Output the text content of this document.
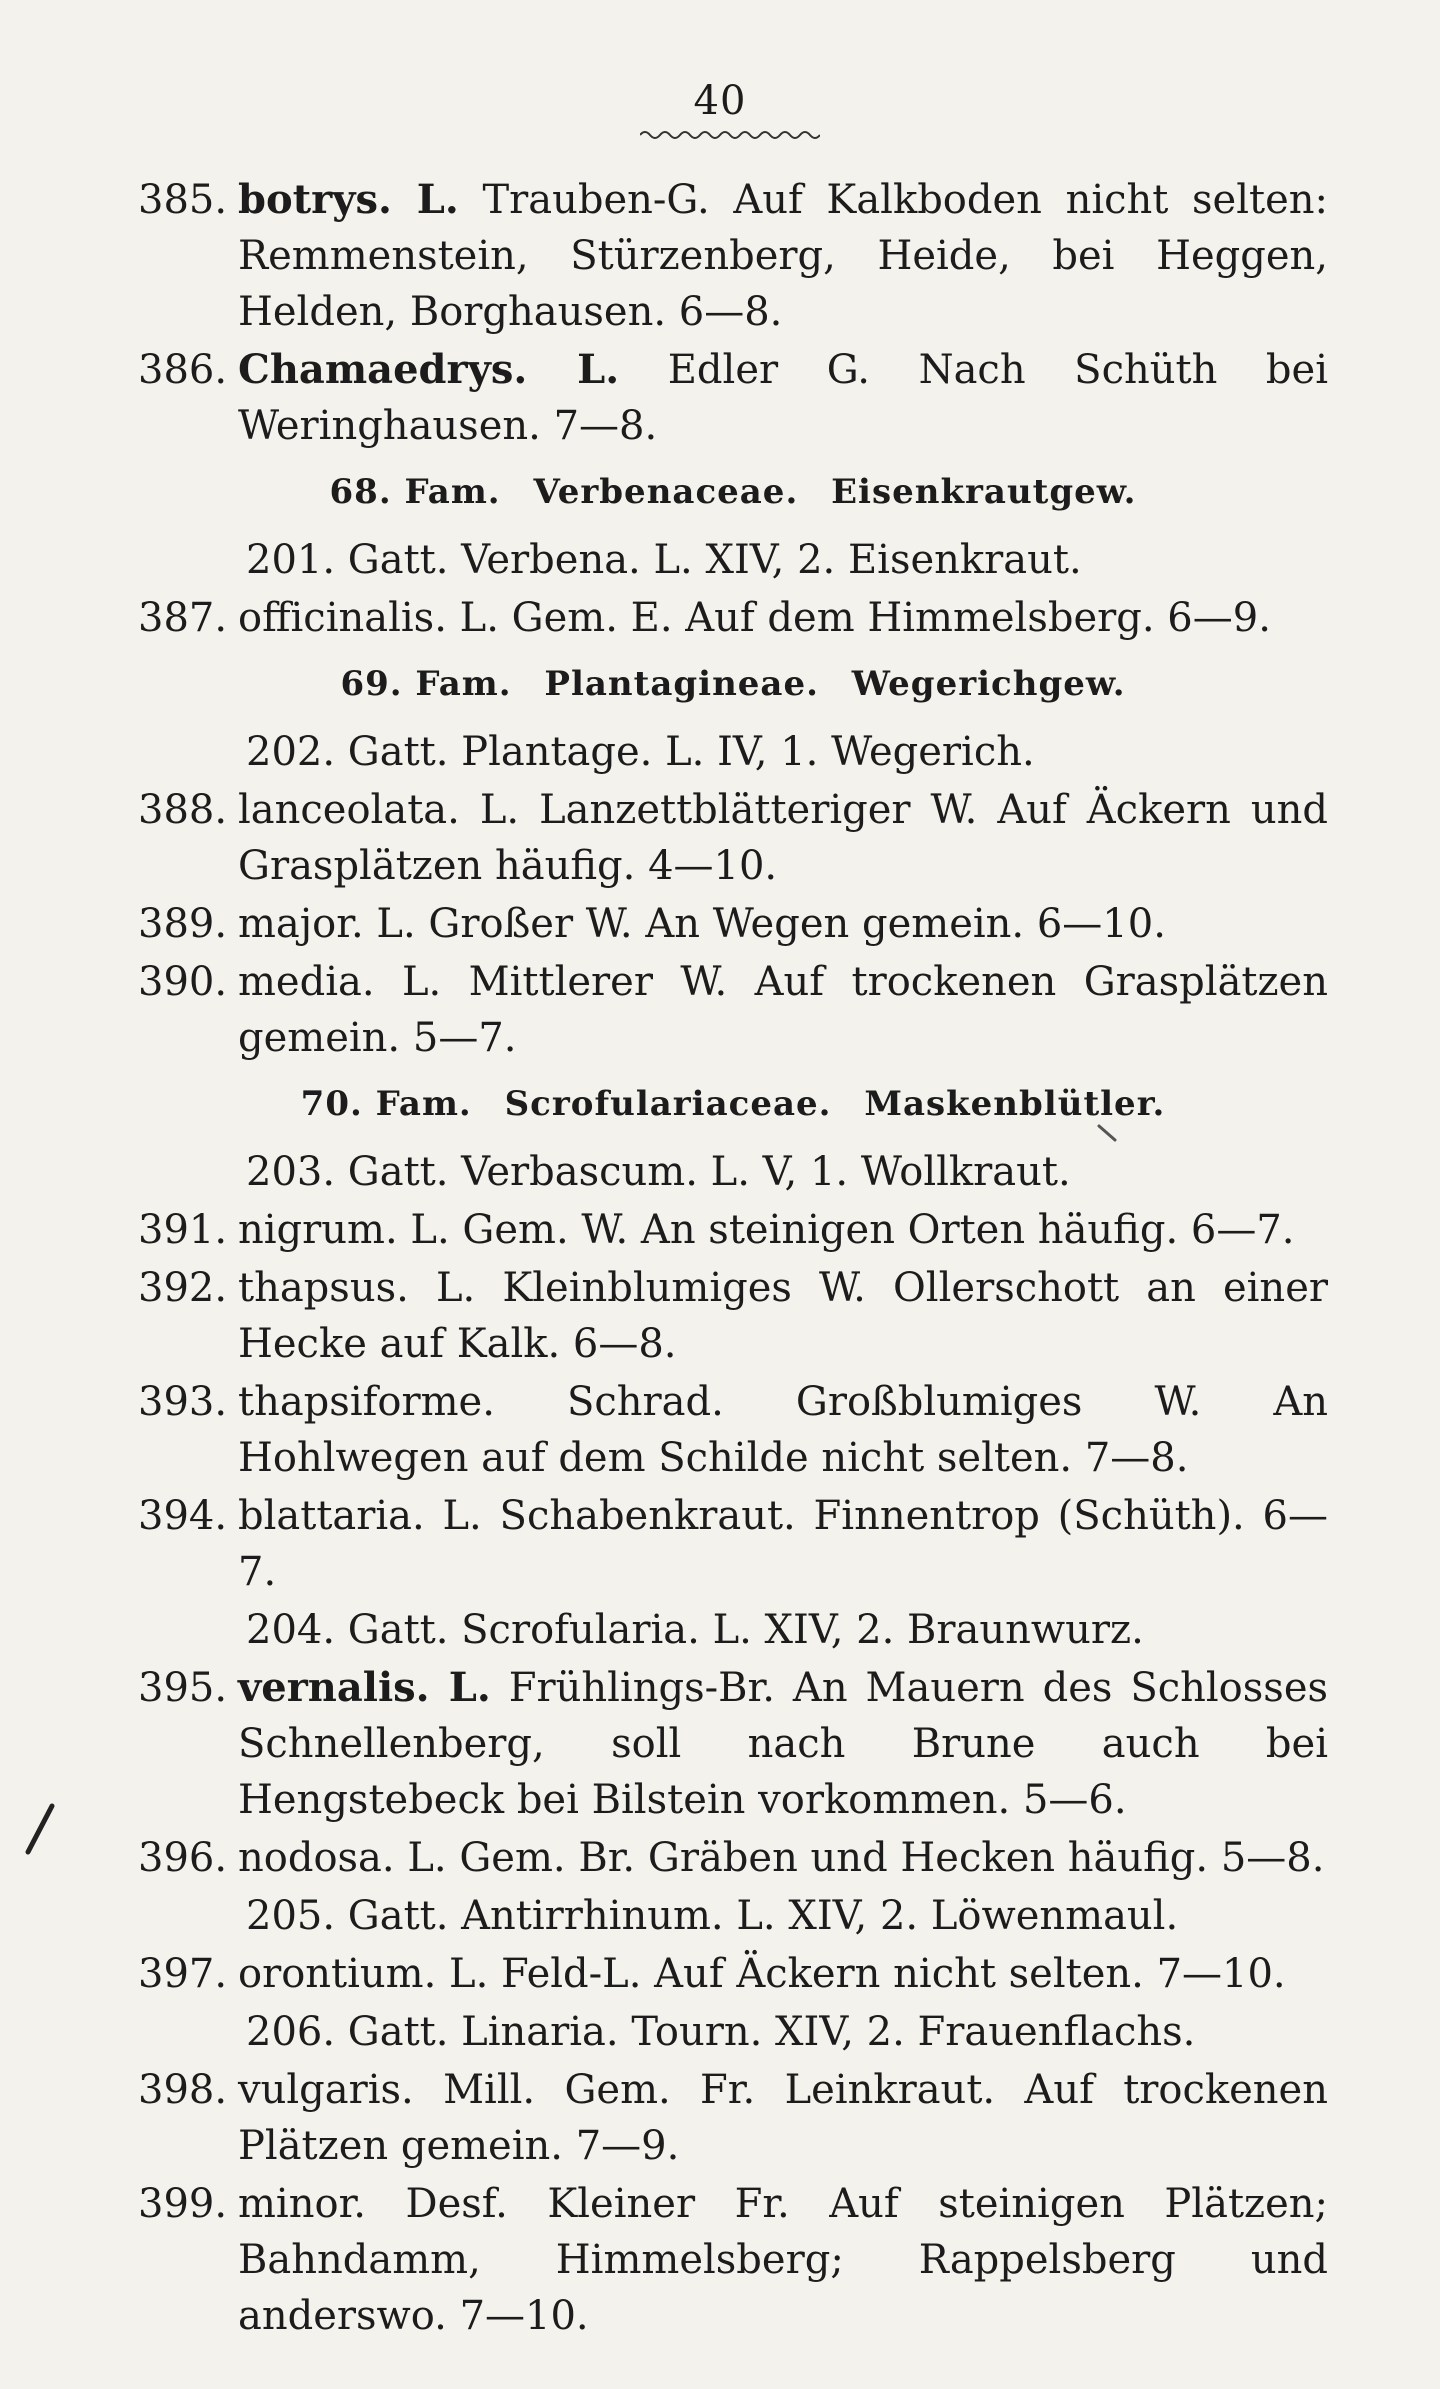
40
385. botrys. L. Trauben-G. Auf Kalkboden nicht selten: Remmenstein, Stürzenberg, Heide, bei Heggen, Helden, Borghausen. 6—8.
386. Chamaedrys. L. Edler G. Nach Schüth bei Weringhausen. 7—8.
68. Fam. Verbenaceae. Eisenkrautgew.
201. Gatt. Verbena. L. XIV, 2. Eisenkraut.
387. officinalis. L. Gem. E. Auf dem Himmelsberg. 6—9.
69. Fam. Plantagineae. Wegerichgew.
202. Gatt. Plantage. L. IV, 1. Wegerich.
388. lanceolata. L. Lanzettblätteriger W. Auf Äckern und Grasplätzen häufig. 4—10.
389. major. L. Großer W. An Wegen gemein. 6—10.
390. media. L. Mittlerer W. Auf trockenen Grasplätzen gemein. 5—7.
70. Fam. Scrofulariaceae. Maskenblütler.
203. Gatt. Verbascum. L. V, 1. Wollkraut.
391. nigrum. L. Gem. W. An steinigen Orten häufig. 6—7.
392. thapsus. L. Kleinblumiges W. Ollerschott an einer Hecke auf Kalk. 6—8.
393. thapsiforme. Schrad. Großblumiges W. An Hohlwegen auf dem Schilde nicht selten. 7—8.
394. blattaria. L. Schabenkraut. Finnentrop (Schüth). 6—7.
204. Gatt. Scrofularia. L. XIV, 2. Braunwurz.
395. vernalis. L. Frühlings-Br. An Mauern des Schlosses Schnellenberg, soll nach Brune auch bei Hengstebeck bei Bilstein vorkommen. 5—6.
396. nodosa. L. Gem. Br. Gräben und Hecken häufig. 5—8.
205. Gatt. Antirrhinum. L. XIV, 2. Löwenmaul.
397. orontium. L. Feld-L. Auf Äckern nicht selten. 7—10.
206. Gatt. Linaria. Tourn. XIV, 2. Frauenflachs.
398. vulgaris. Mill. Gem. Fr. Leinkraut. Auf trockenen Plätzen gemein. 7—9.
399. minor. Desf. Kleiner Fr. Auf steinigen Plätzen; Bahndamm, Himmelsberg; Rappelsberg und anderswo. 7—10.
